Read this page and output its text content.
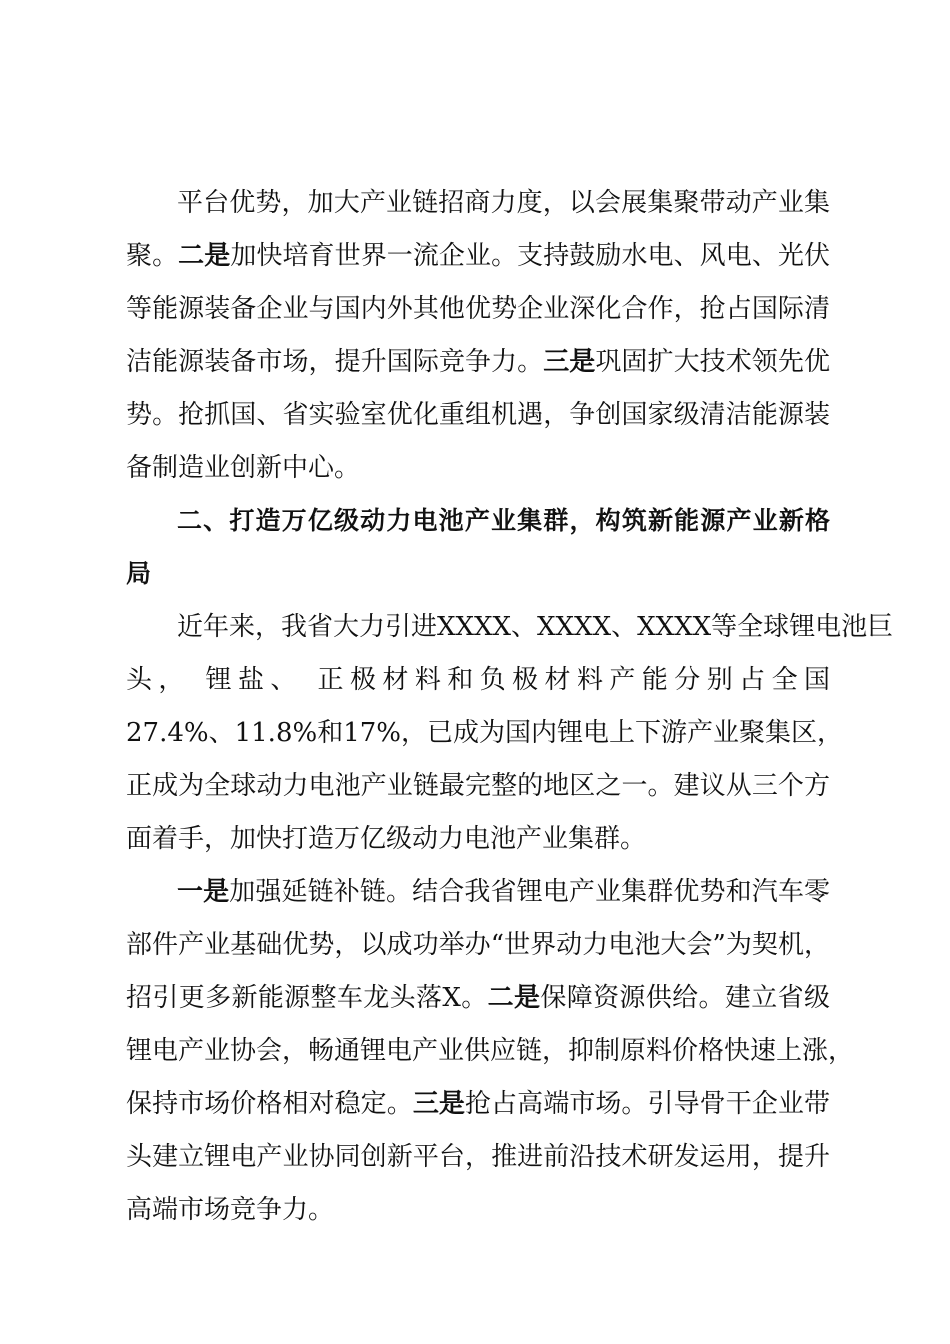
平台优势，加大产业链招商力度，以会展集聚带动产业集
聚。二是加快培育世界一流企业。支持鼓励水电、风电、光伏
等能源装备企业与国内外其他优势企业深化合作，抢占国际清
洁能源装备市场，提升国际竞争力。三是巩固扩大技术领先优
势。抢抓国、省实验室优化重组机遇，争创国家级清洁能源装
备制造业创新中心。
二、打造万亿级动力电池产业集群，构筑新能源产业新格
局
近年来，我省大力引进XXXX、XXXX、XXXX等全球锂电池巨
头， 锂盐、 正极材料和负极材料产能分别占全国
27.4%、11.8%和17%，已成为国内锂电上下游产业聚集区，
正成为全球动力电池产业链最完整的地区之一。建议从三个方
面着手，加快打造万亿级动力电池产业集群。
一是加强延链补链。结合我省锂电产业集群优势和汽车零
部件产业基础优势，以成功举办“世界动力电池大会”为契机，
招引更多新能源整车龙头落X。二是保障资源供给。建立省级
锂电产业协会，畅通锂电产业供应链，抑制原料价格快速上涨，
保持市场价格相对稳定。三是抢占高端市场。引导骨干企业带
头建立锂电产业协同创新平台，推进前沿技术研发运用，提升
高端市场竞争力。
